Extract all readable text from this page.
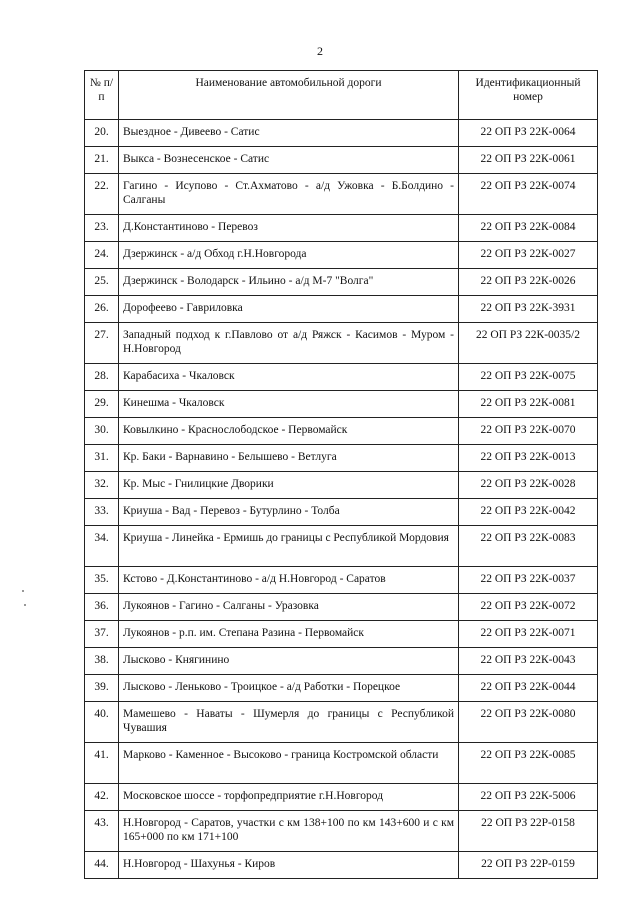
2
№ п/п	Наименование автомобильной дороги	Идентификационный номер
20.	Выездное - Дивеево - Сатис	22 ОП РЗ 22К-0064
21.	Выкса - Вознесенское - Сатис	22 ОП РЗ 22К-0061
22.	Гагино - Исупово - Ст.Ахматово - а/д Ужовка - Б.Болдино - Салганы	22 ОП РЗ 22К-0074
23.	Д.Константиново - Перевоз	22 ОП РЗ 22К-0084
24.	Дзержинск - а/д Обход г.Н.Новгорода	22 ОП РЗ 22К-0027
25.	Дзержинск - Володарск - Ильино - а/д М-7 "Волга"	22 ОП РЗ 22К-0026
26.	Дорофеево - Гавриловка	22 ОП РЗ 22К-3931
27.	Западный подход к г.Павлово от а/д Ряжск - Касимов - Муром - Н.Новгород	22 ОП РЗ 22К-0035/2
28.	Карабасиха - Чкаловск	22 ОП РЗ 22К-0075
29.	Кинешма - Чкаловск	22 ОП РЗ 22К-0081
30.	Ковылкино - Краснослободское - Первомайск	22 ОП РЗ 22К-0070
31.	Кр. Баки - Варнавино - Белышево - Ветлуга	22 ОП РЗ 22К-0013
32.	Кр. Мыс - Гнилицкие Дворики	22 ОП РЗ 22К-0028
33.	Криуша - Вад - Перевоз - Бутурлино - Толба	22 ОП РЗ 22К-0042
34.	Криуша - Линейка - Ермишь до границы с Республикой Мордовия	22 ОП РЗ 22К-0083
35.	Кстово - Д.Константиново - а/д Н.Новгород - Саратов	22 ОП РЗ 22К-0037
36.	Лукоянов - Гагино - Салганы - Уразовка	22 ОП РЗ 22К-0072
37.	Лукоянов - р.п. им. Степана Разина - Первомайск	22 ОП РЗ 22К-0071
38.	Лысково - Княгинино	22 ОП РЗ 22К-0043
39.	Лысково - Леньково - Троицкое - а/д Работки - Порецкое	22 ОП РЗ 22К-0044
40.	Мамешево - Наваты - Шумерля до границы с Республикой Чувашия	22 ОП РЗ 22К-0080
41.	Марково - Каменное - Высоково - граница Костромской области	22 ОП РЗ 22К-0085
42.	Московское шоссе - торфопредприятие г.Н.Новгород	22 ОП РЗ 22К-5006
43.	Н.Новгород - Саратов, участки с км 138+100 по км 143+600 и с км 165+000 по км 171+100	22 ОП РЗ 22Р-0158
44.	Н.Новгород - Шахунья - Киров	22 ОП РЗ 22Р-0159
